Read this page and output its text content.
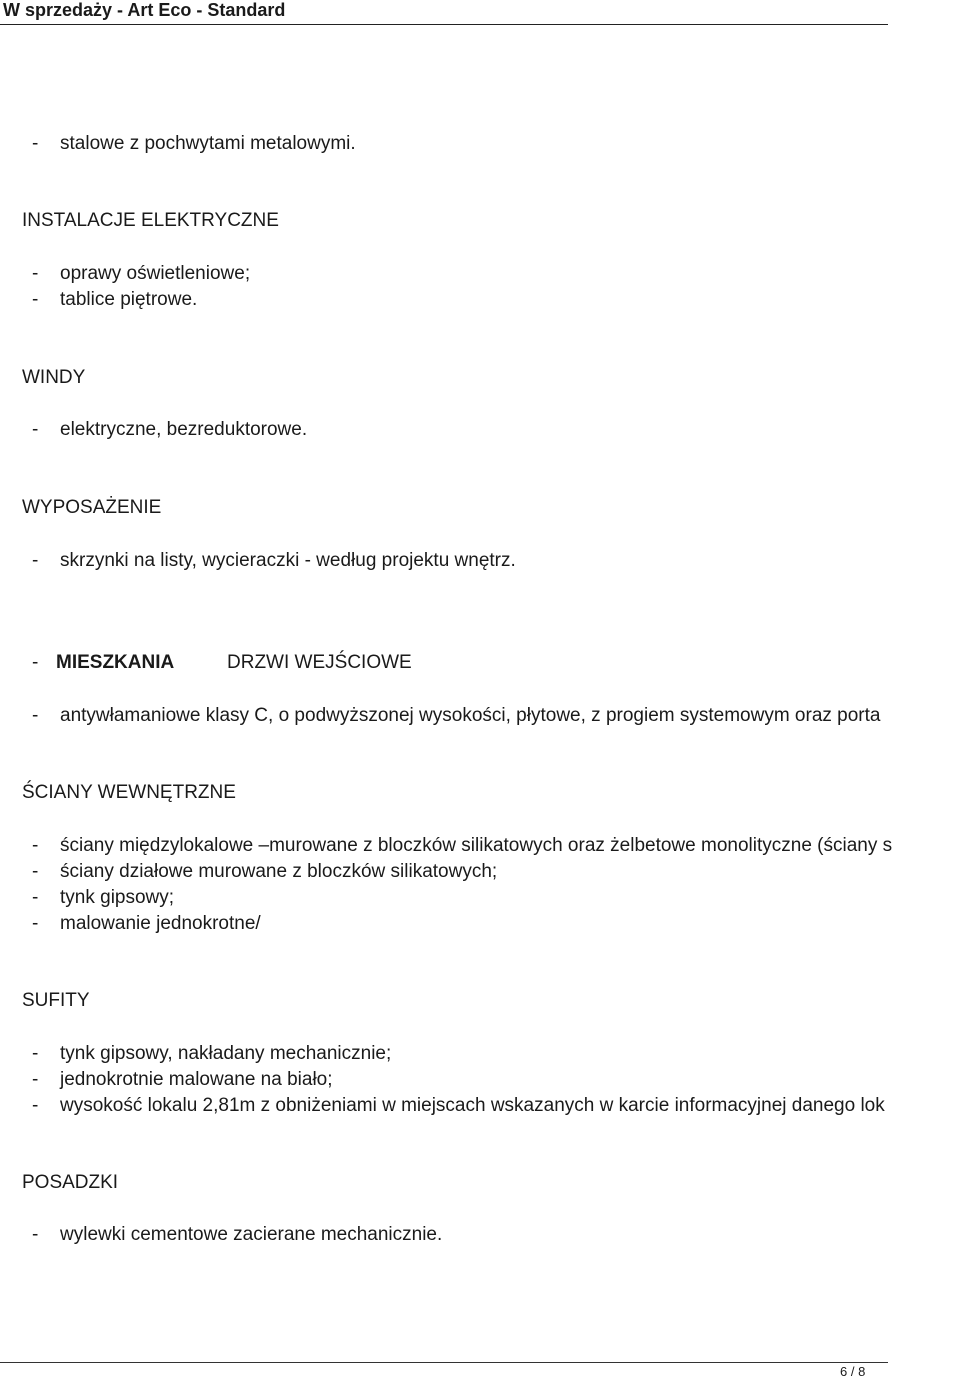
W sprzedaży - Art Eco - Standard
- stalowe z pochwytami metalowymi.
INSTALACJE ELEKTRYCZNE
- oprawy oświetleniowe;
- tablice piętrowe.
WINDY
- elektryczne, bezreduktorowe.
WYPOSAŻENIE
- skrzynki na listy, wycieraczki - według projektu wnętrz.
- MIESZKANIA	DRZWI WEJŚCIOWE
- antywłamaniowe klasy C, o podwyższonej wysokości, płytowe, z progiem systemowym oraz porta
ŚCIANY WEWNĘTRZNE
- ściany międzylokalowe –murowane z bloczków silikatowych oraz żelbetowe monolityczne (ściany s
- ściany działowe murowane z bloczków silikatowych;
- tynk gipsowy;
- malowanie jednokrotne/
SUFITY
- tynk gipsowy, nakładany mechanicznie;
- jednokrotnie malowane na biało;
- wysokość lokalu 2,81m z obniżeniami w miejscach wskazanych w karcie informacyjnej danego lok
POSADZKI
- wylewki cementowe zacierane mechanicznie.
6 / 8
